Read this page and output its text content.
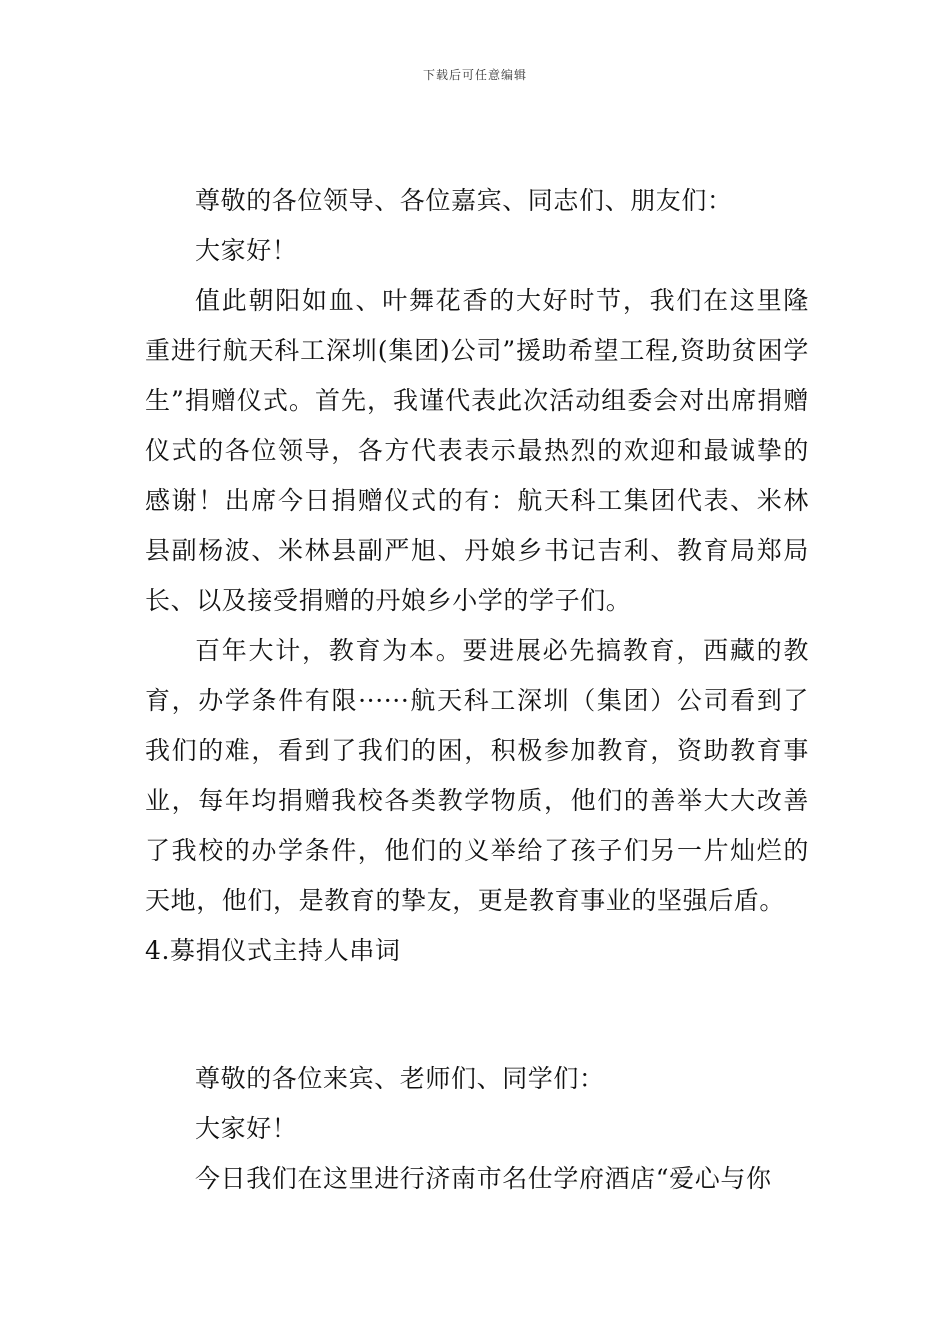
下载后可任意编辑

尊敬的各位领导、各位嘉宾、同志们、朋友们：

大家好！

值此朝阳如血、叶舞花香的大好时节，我们在这里隆重进行航天科工深圳(集团)公司”援助希望工程,资助贫困学生”捐赠仪式。首先，我谨代表此次活动组委会对出席捐赠仪式的各位领导，各方代表表示最热烈的欢迎和最诚挚的感谢！出席今日捐赠仪式的有：航天科工集团代表、米林县副杨波、米林县副严旭、丹娘乡书记吉利、教育局郑局长、以及接受捐赠的丹娘乡小学的学子们。

百年大计，教育为本。要进展必先搞教育，西藏的教育，办学条件有限······航天科工深圳（集团）公司看到了我们的难，看到了我们的困，积极参加教育，资助教育事业，每年均捐赠我校各类教学物质，他们的善举大大改善了我校的办学条件，他们的义举给了孩子们另一片灿烂的天地，他们，是教育的挚友，更是教育事业的坚强后盾。

4.募捐仪式主持人串词

尊敬的各位来宾、老师们、同学们：

大家好！

今日我们在这里进行济南市名仕学府酒店“爱心与你
